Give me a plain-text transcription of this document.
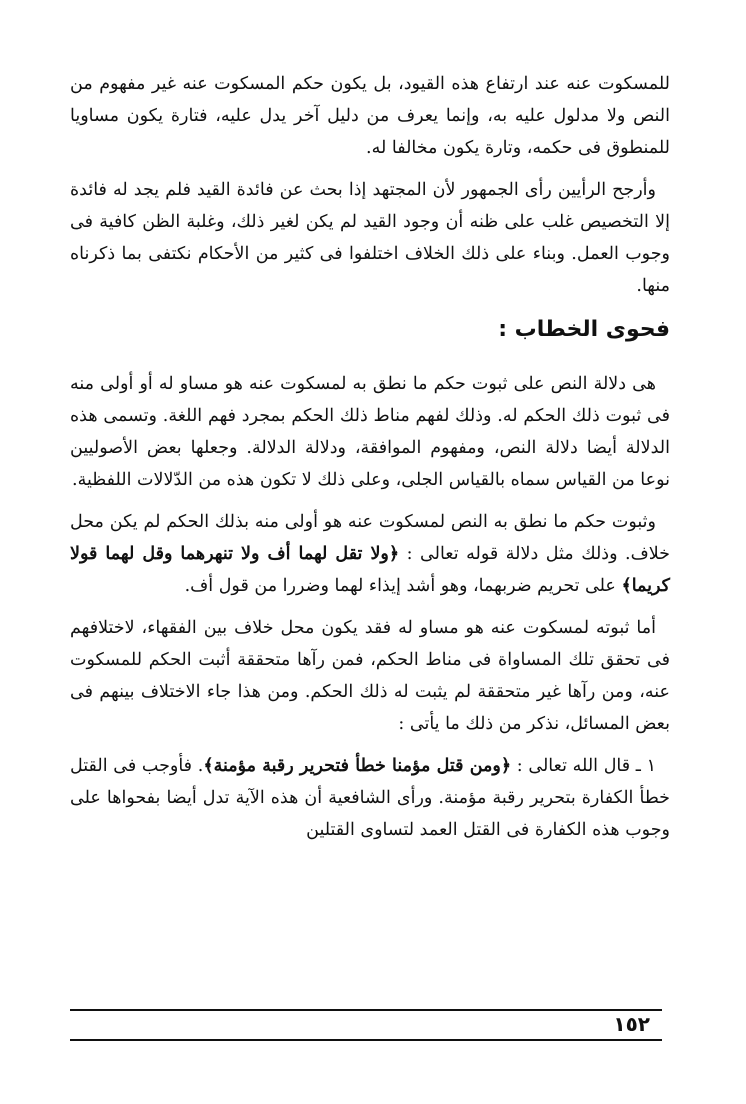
للمسكوت عنه عند ارتفاع هذه القيود، بل يكون حكم المسكوت عنه غير مفهوم من النص ولا مدلول عليه به، وإنما يعرف من دليل آخر يدل عليه، فتارة يكون مساويا للمنطوق فى حكمه، وتارة يكون مخالفا له.

وأرجح الرأيين رأى الجمهور لأن المجتهد إذا بحث عن فائدة القيد فلم يجد له فائدة إلا التخصيص غلب على ظنه أن وجود القيد لم يكن لغير ذلك، وغلبة الظن كافية فى وجوب العمل. وبناء على ذلك الخلاف اختلفوا فى كثير من الأحكام نكتفى بما ذكرناه منها.

فحوى الخطاب :

هى دلالة النص على ثبوت حكم ما نطق به لمسكوت عنه هو مساو له أو أولى منه فى ثبوت ذلك الحكم له. وذلك لفهم مناط ذلك الحكم بمجرد فهم اللغة. وتسمى هذه الدلالة أيضا دلالة النص، ومفهوم الموافقة، ودلالة الدلالة. وجعلها بعض الأصوليين نوعا من القياس سماه بالقياس الجلى، وعلى ذلك لا تكون هذه من الدّلالات اللفظية.

وثبوت حكم ما نطق به النص لمسكوت عنه هو أولى منه بذلك الحكم لم يكن محل خلاف. وذلك مثل دلالة قوله تعالى : ﴿ولا تقل لهما أف ولا تنهرهما وقل لهما قولا كريما﴾ على تحريم ضربهما، وهو أشد إيذاء لهما وضررا من قول أف.

أما ثبوته لمسكوت عنه هو مساو له فقد يكون محل خلاف بين الفقهاء، لاختلافهم فى تحقق تلك المساواة فى مناط الحكم، فمن رآها متحققة أثبت الحكم للمسكوت عنه، ومن رآها غير متحققة لم يثبت له ذلك الحكم. ومن هذا جاء الاختلاف بينهم فى بعض المسائل، نذكر من ذلك ما يأتى :

١ ـ قال الله تعالى : ﴿ومن قتل مؤمنا خطأ فتحرير رقبة مؤمنة﴾. فأوجب فى القتل خطأ الكفارة بتحرير رقبة مؤمنة. ورأى الشافعية أن هذه الآية تدل أيضا بفحواها على وجوب هذه الكفارة فى القتل العمد لتساوى القتلين

١٥٢
